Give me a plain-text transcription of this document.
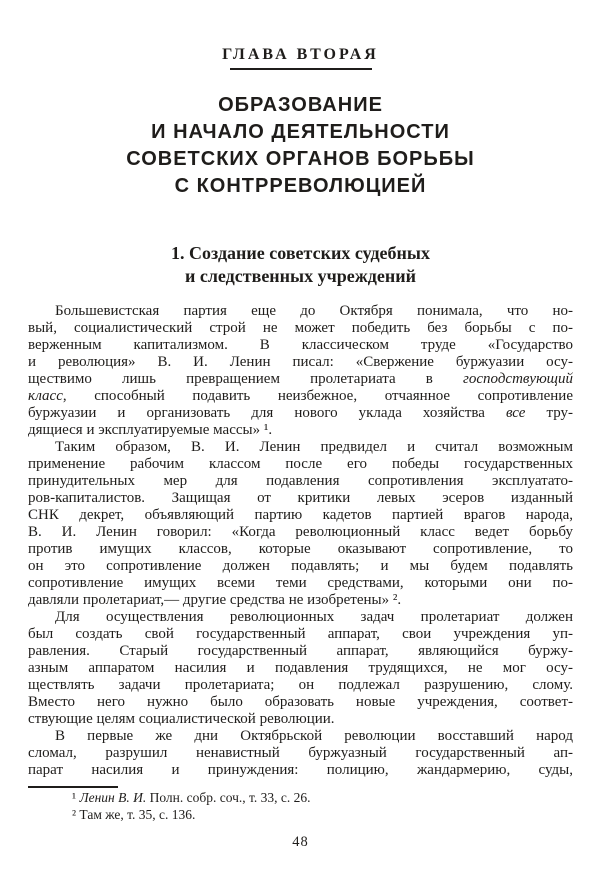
ГЛАВА ВТОРАЯ
ОБРАЗОВАНИЕ
И НАЧАЛО ДЕЯТЕЛЬНОСТИ
СОВЕТСКИХ ОРГАНОВ БОРЬБЫ
С КОНТРРЕВОЛЮЦИЕЙ
1. Создание советских судебных
и следственных учреждений
Большевистская партия еще до Октября понимала, что но-
вый, социалистический строй не может победить без борьбы с по-
верженным капитализмом. В классическом труде «Государство
и революция» В. И. Ленин писал: «Свержение буржуазии осу-
ществимо лишь превращением пролетариата в господствующий
класс, способный подавить неизбежное, отчаянное сопротивление
буржуазии и организовать для нового уклада хозяйства все тру-
дящиеся и эксплуатируемые массы» ¹.
Таким образом, В. И. Ленин предвидел и считал возможным
применение рабочим классом после его победы государственных
принудительных мер для подавления сопротивления эксплуатато-
ров-капиталистов. Защищая от критики левых эсеров изданный
СНК декрет, объявляющий партию кадетов партией врагов народа,
В. И. Ленин говорил: «Когда революционный класс ведет борьбу
против имущих классов, которые оказывают сопротивление, то
он это сопротивление должен подавлять; и мы будем подавлять
сопротивление имущих всеми теми средствами, которыми они по-
давляли пролетариат,— другие средства не изобретены» ².
Для осуществления революционных задач пролетариат должен
был создать свой государственный аппарат, свои учреждения уп-
равления. Старый государственный аппарат, являющийся буржу-
азным аппаратом насилия и подавления трудящихся, не мог осу-
ществлять задачи пролетариата; он подлежал разрушению, слому.
Вместо него нужно было образовать новые учреждения, соответ-
ствующие целям социалистической революции.
В первые же дни Октябрьской революции восставший народ
сломал, разрушил ненавистный буржуазный государственный ап-
парат насилия и принуждения: полицию, жандармерию, суды,
¹ Ленин В. И. Полн. собр. соч., т. 33, с. 26.
² Там же, т. 35, с. 136.
48
